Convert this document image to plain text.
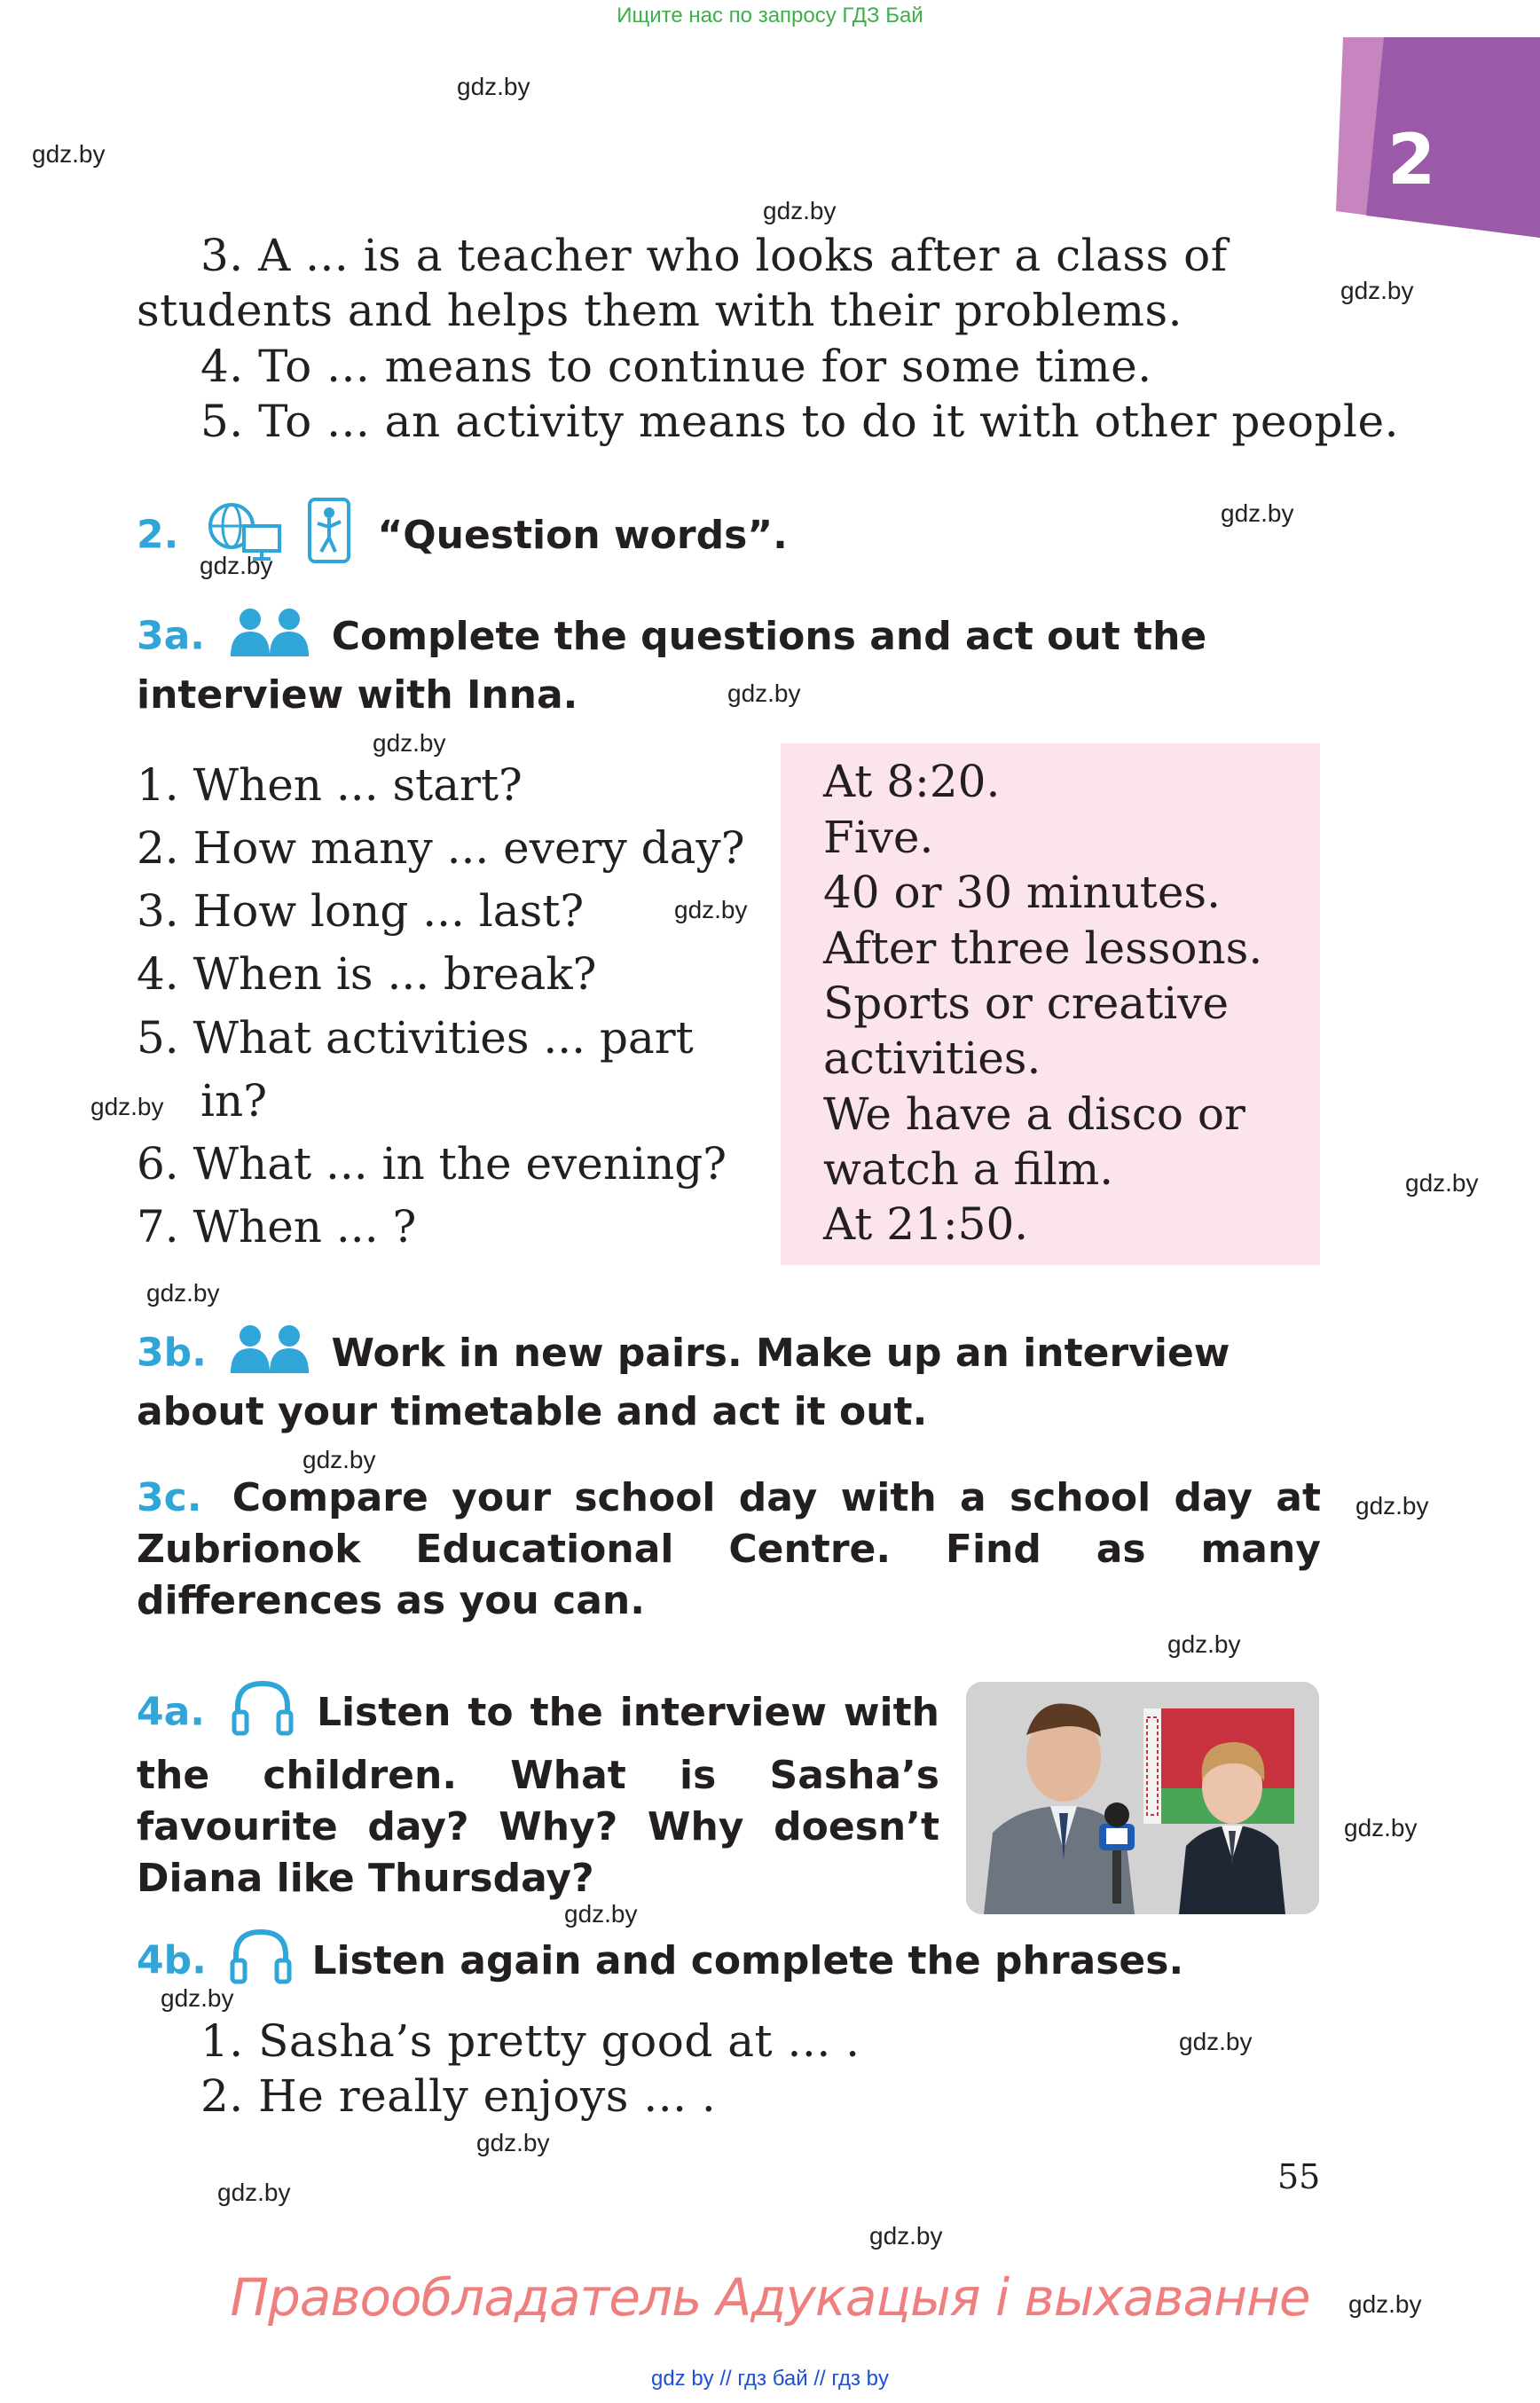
Ищите нас по запросу ГДЗ Бай
2
gdz.by
gdz.by
gdz.by
gdz.by
gdz.by
gdz.by
gdz.by
gdz.by
gdz.by
gdz.by
gdz.by
gdz.by
gdz.by
gdz.by
gdz.by
gdz.by
gdz.by
gdz.by
gdz.by
gdz.by
gdz.by
gdz.by
gdz.by
3. A ... is a teacher who looks after a class of
students and helps them with their problems.
4. To ... means to continue for some time.
5. To ... an activity means to do it with other people.
2.	“Question words”.
3a.	Complete the questions and act out the interview with Inna.
1. When ... start?
2. How many ... every day?
3. How long ... last?
4. When is ... break?
5. What activities ... part
in?
6. What ... in the evening?
7. When ... ?
At 8:20.
Five.
40 or 30 minutes.
After three lessons.
Sports or creative
activities.
We have a disco or
watch a film.
At 21:50.
3b.	Work in new pairs. Make up an interview about your timetable and act it out.
3c. Compare your school day with a school day at Zubrionok Educational Centre. Find as many differences as you can.
4a.	Listen to the interview with the children. What is Sasha’s favourite day? Why? Why doesn’t Diana like Thursday?
4b.	Listen again and complete the phrases.
1. Sasha’s pretty good at ... .
2. He really enjoys ... .
55
Правообладатель Адукацыя і выхаванне
gdz by // гдз бай // гдз by
